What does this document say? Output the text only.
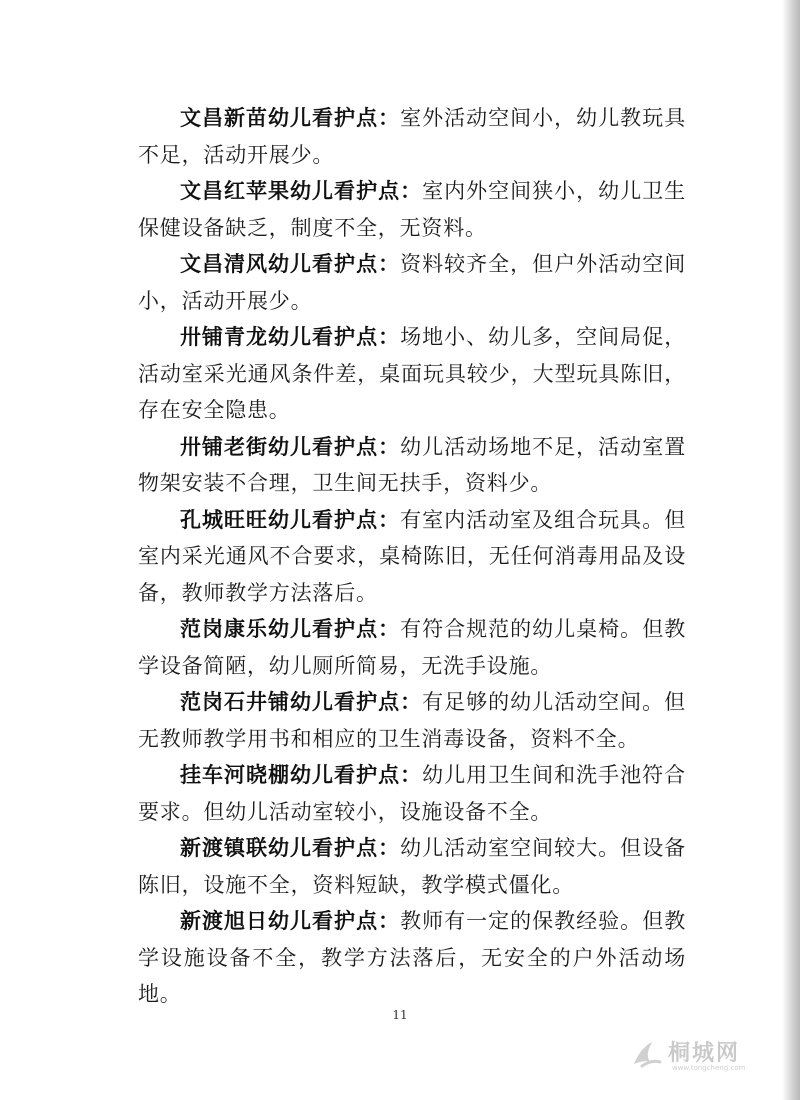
文昌新苗幼儿看护点：室外活动空间小，幼儿教玩具不足，活动开展少。

文昌红苹果幼儿看护点：室内外空间狭小，幼儿卫生保健设备缺乏，制度不全，无资料。

文昌清风幼儿看护点：资料较齐全，但户外活动空间小，活动开展少。

卅铺青龙幼儿看护点：场地小、幼儿多，空间局促，活动室采光通风条件差，桌面玩具较少，大型玩具陈旧，存在安全隐患。

卅铺老街幼儿看护点：幼儿活动场地不足，活动室置物架安装不合理，卫生间无扶手，资料少。

孔城旺旺幼儿看护点：有室内活动室及组合玩具。但室内采光通风不合要求，桌椅陈旧，无任何消毒用品及设备，教师教学方法落后。

范岗康乐幼儿看护点：有符合规范的幼儿桌椅。但教学设备简陋，幼儿厕所简易，无洗手设施。

范岗石井铺幼儿看护点：有足够的幼儿活动空间。但无教师教学用书和相应的卫生消毒设备，资料不全。

挂车河晓棚幼儿看护点：幼儿用卫生间和洗手池符合要求。但幼儿活动室较小，设施设备不全。

新渡镇联幼儿看护点：幼儿活动室空间较大。但设备陈旧，设施不全，资料短缺，教学模式僵化。

新渡旭日幼儿看护点：教师有一定的保教经验。但教学设施设备不全，教学方法落后，无安全的户外活动场地。

11
桐城网
www.tongcheng.com
